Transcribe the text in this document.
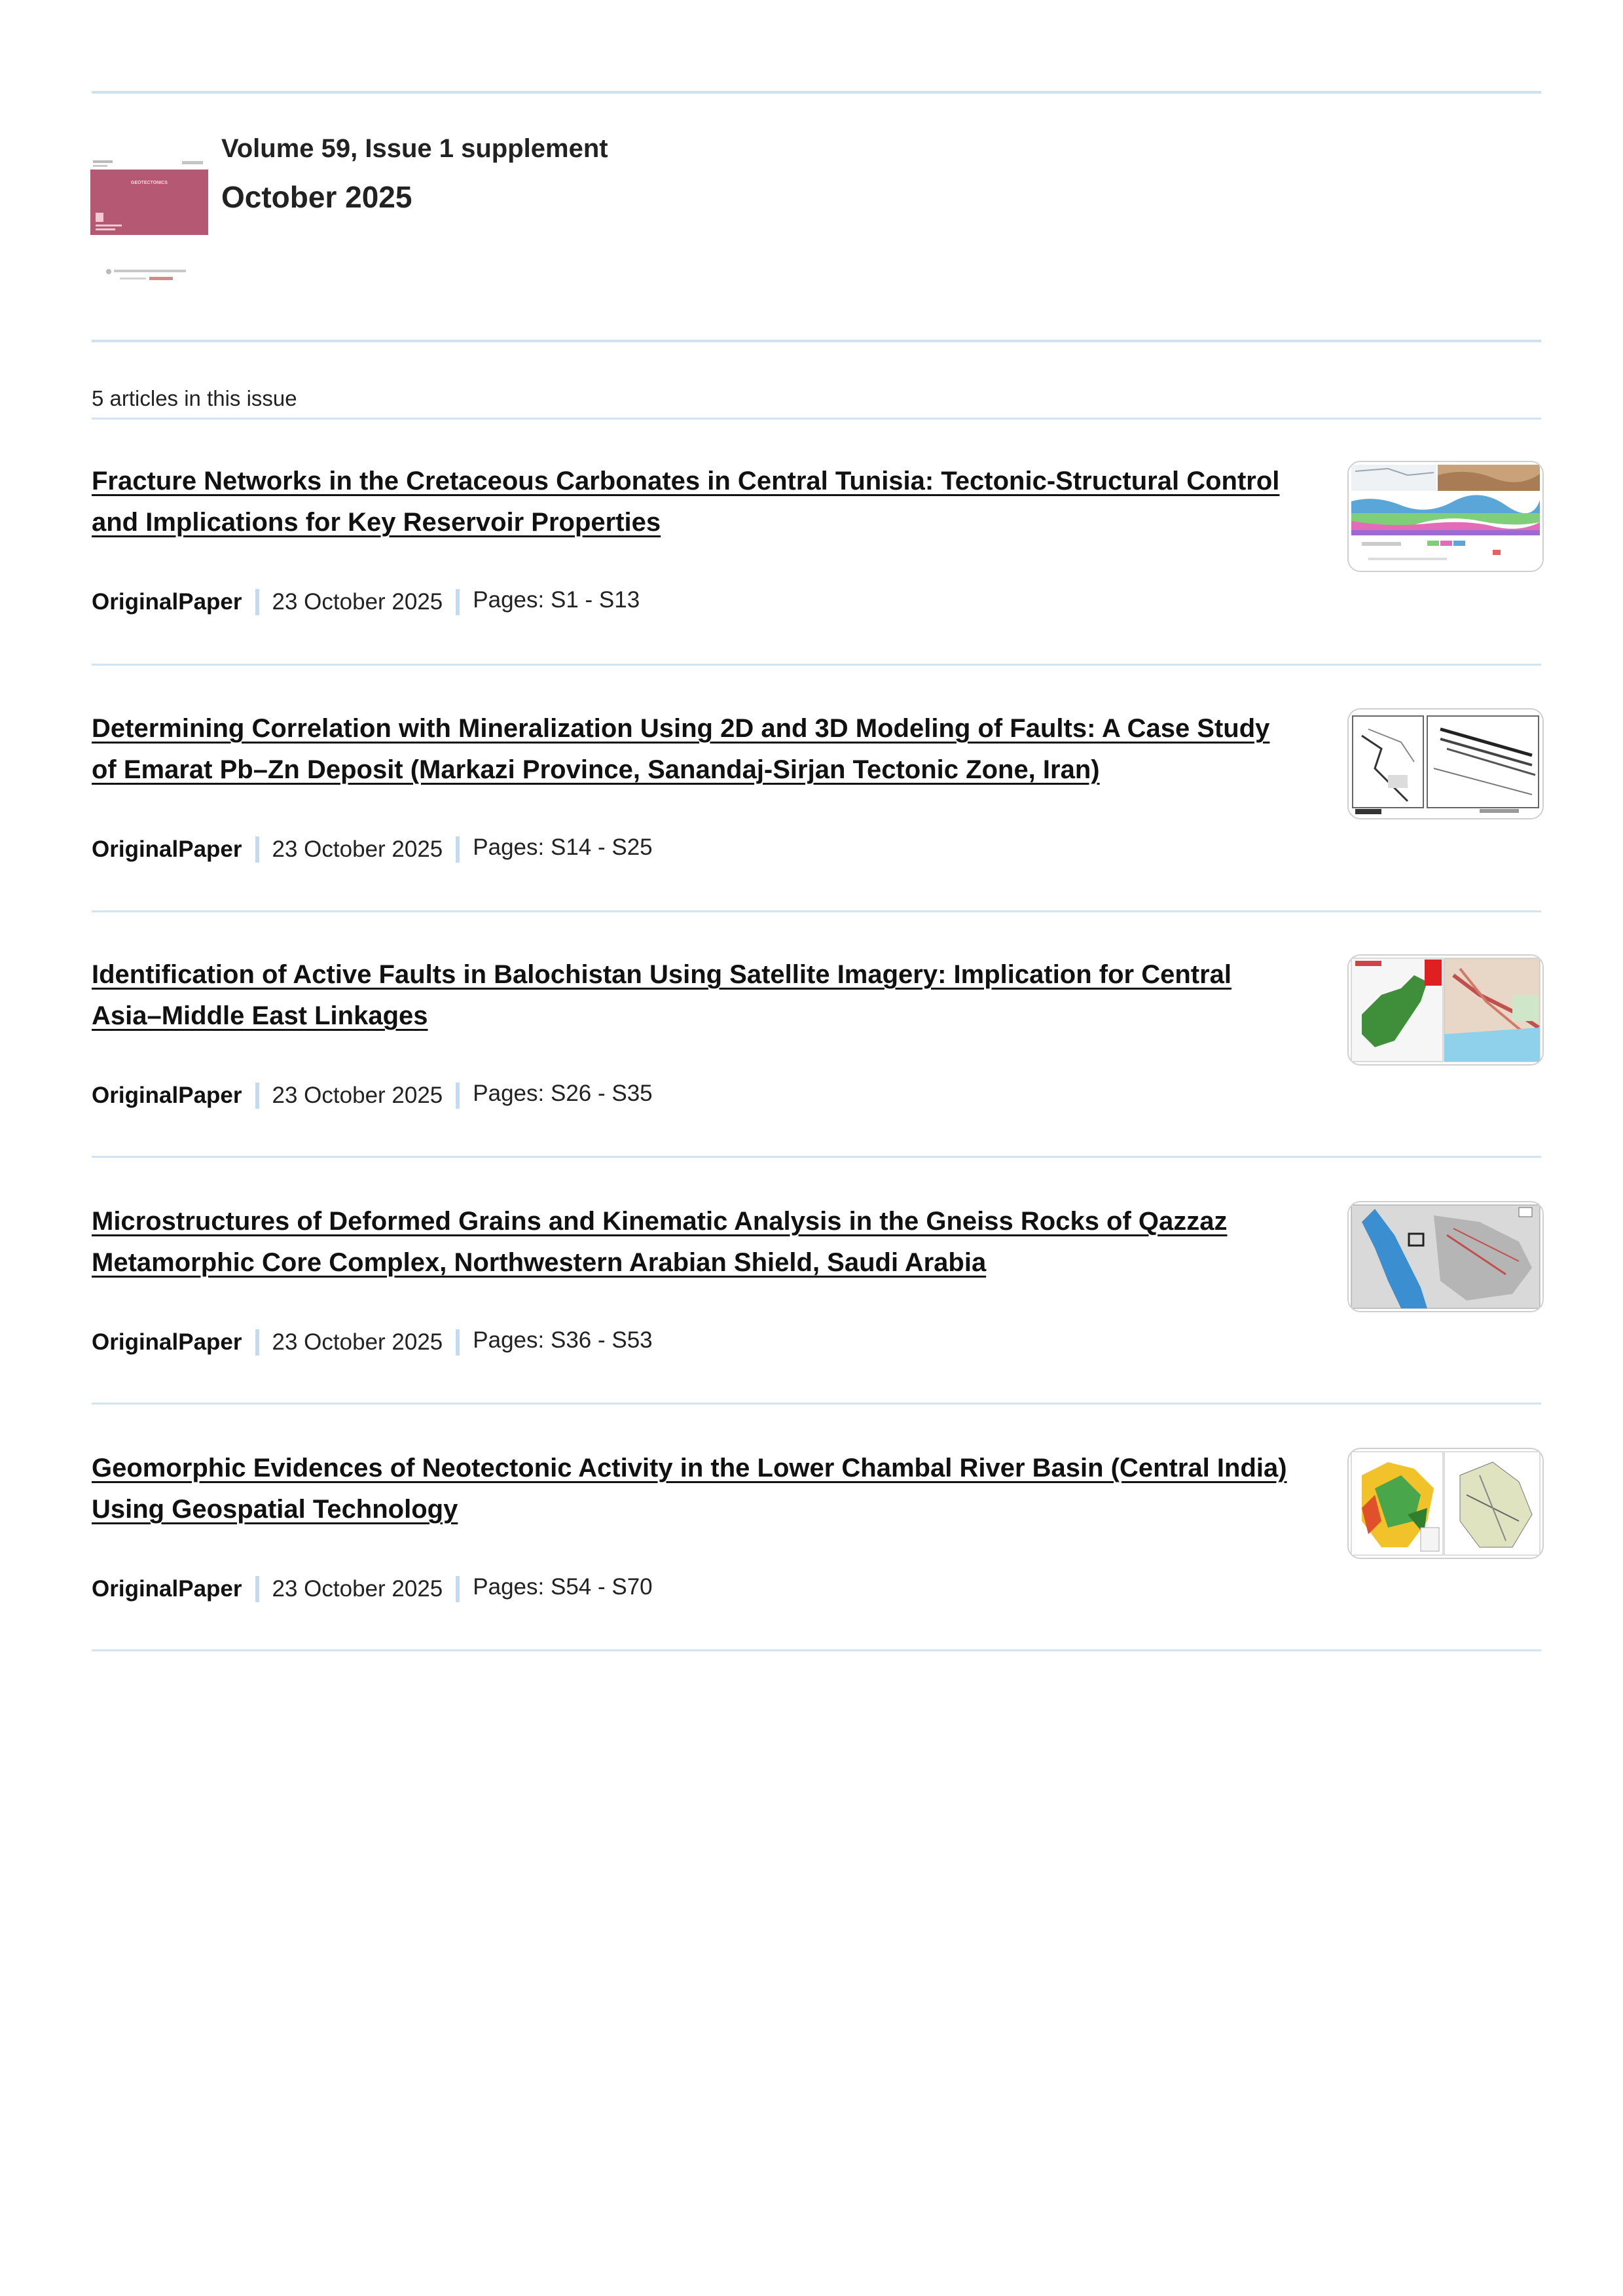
GEOTECTONICS
Volume 59, Issue 1 supplement
October 2025
5 articles in this issue
Fracture Networks in the Cretaceous Carbonates in Central Tunisia: Tectonic-Structural Control and Implications for Key Reservoir Properties
OriginalPaper 23 October 2025 Pages: S1 - S13
Determining Correlation with Mineralization Using 2D and 3D Modeling of Faults: A Case Study of Emarat Pb–Zn Deposit (Markazi Province, Sanandaj-Sirjan Tectonic Zone, Iran)
OriginalPaper 23 October 2025 Pages: S14 - S25
Identification of Active Faults in Balochistan Using Satellite Imagery: Implication for Central Asia–Middle East Linkages
OriginalPaper 23 October 2025 Pages: S26 - S35
Microstructures of Deformed Grains and Kinematic Analysis in the Gneiss Rocks of Qazzaz Metamorphic Core Complex, Northwestern Arabian Shield, Saudi Arabia
OriginalPaper 23 October 2025 Pages: S36 - S53
Geomorphic Evidences of Neotectonic Activity in the Lower Chambal River Basin (Central India) Using Geospatial Technology
OriginalPaper 23 October 2025 Pages: S54 - S70
